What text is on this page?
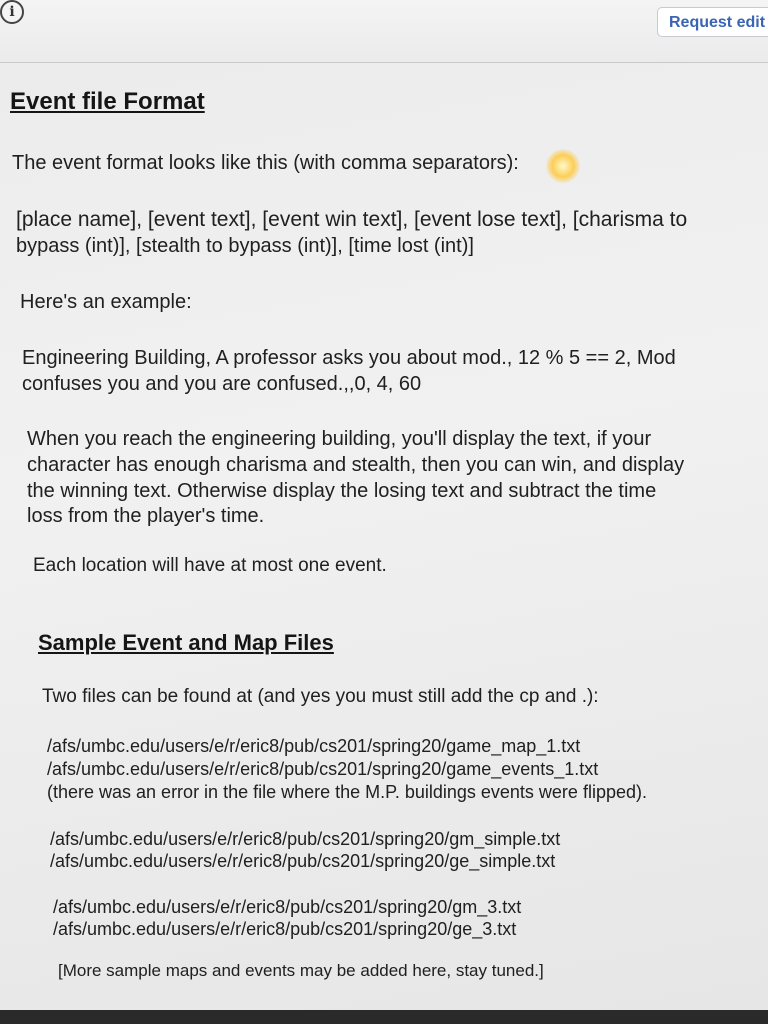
i
Request edit
Event file Format
The event format looks like this (with comma separators):
[place name], [event text], [event win text], [event lose text], [charisma to
bypass (int)], [stealth to bypass (int)], [time lost (int)]
Here's an example:
Engineering Building, A professor asks you about mod., 12 % 5 == 2, Mod
confuses you and you are confused.,,0, 4, 60
When you reach the engineering building, you'll display the text, if your
character has enough charisma and stealth, then you can win, and display
the winning text. Otherwise display the losing text and subtract the time
loss from the player's time.
Each location will have at most one event.
Sample Event and Map Files
Two files can be found at (and yes you must still add the cp and .):
/afs/umbc.edu/users/e/r/eric8/pub/cs201/spring20/game_map_1.txt
/afs/umbc.edu/users/e/r/eric8/pub/cs201/spring20/game_events_1.txt
(there was an error in the file where the M.P. buildings events were flipped).
/afs/umbc.edu/users/e/r/eric8/pub/cs201/spring20/gm_simple.txt
/afs/umbc.edu/users/e/r/eric8/pub/cs201/spring20/ge_simple.txt
/afs/umbc.edu/users/e/r/eric8/pub/cs201/spring20/gm_3.txt
/afs/umbc.edu/users/e/r/eric8/pub/cs201/spring20/ge_3.txt
[More sample maps and events may be added here, stay tuned.]
